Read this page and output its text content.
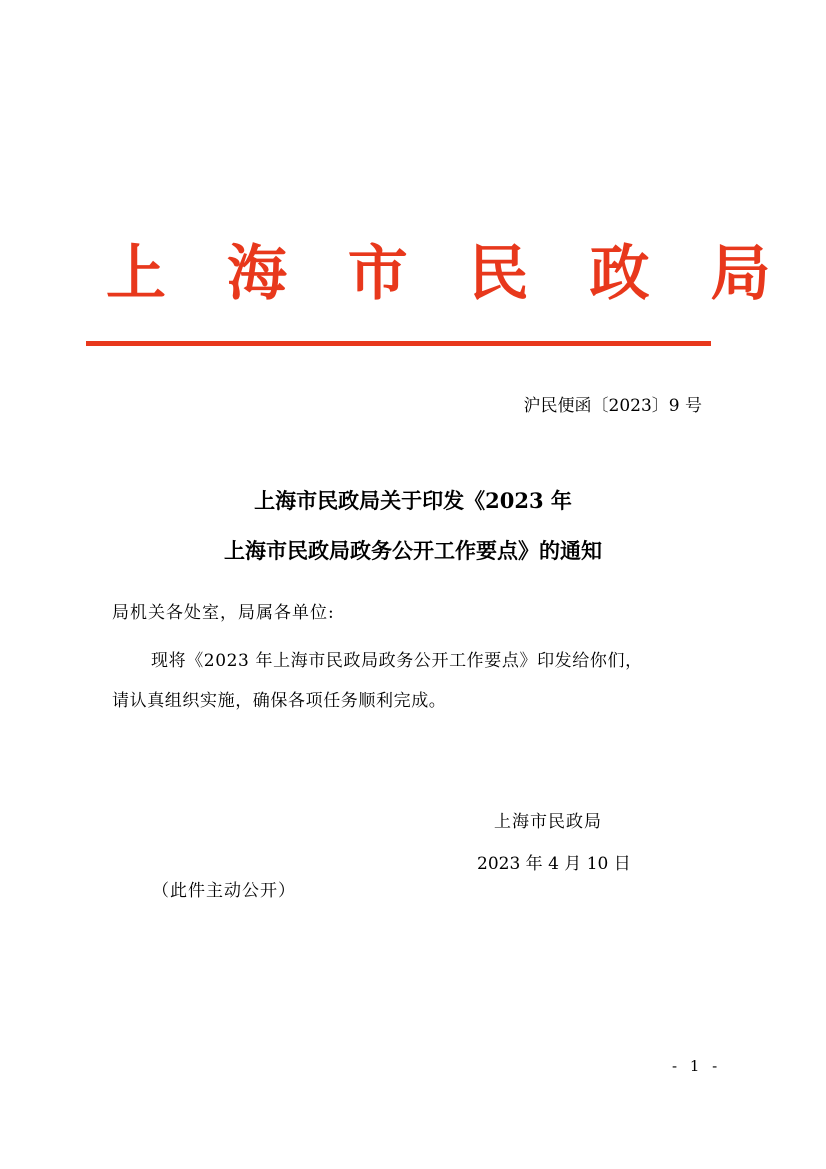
上 海 市 民 政 局
沪民便函〔2023〕9 号
上海市民政局关于印发《2023 年
上海市民政局政务公开工作要点》的通知
局机关各处室，局属各单位:
现将《2023 年上海市民政局政务公开工作要点》印发给你们，
请认真组织实施，确保各项任务顺利完成。
上海市民政局
2023 年 4 月 10 日
（此件主动公开）
- 1 -
